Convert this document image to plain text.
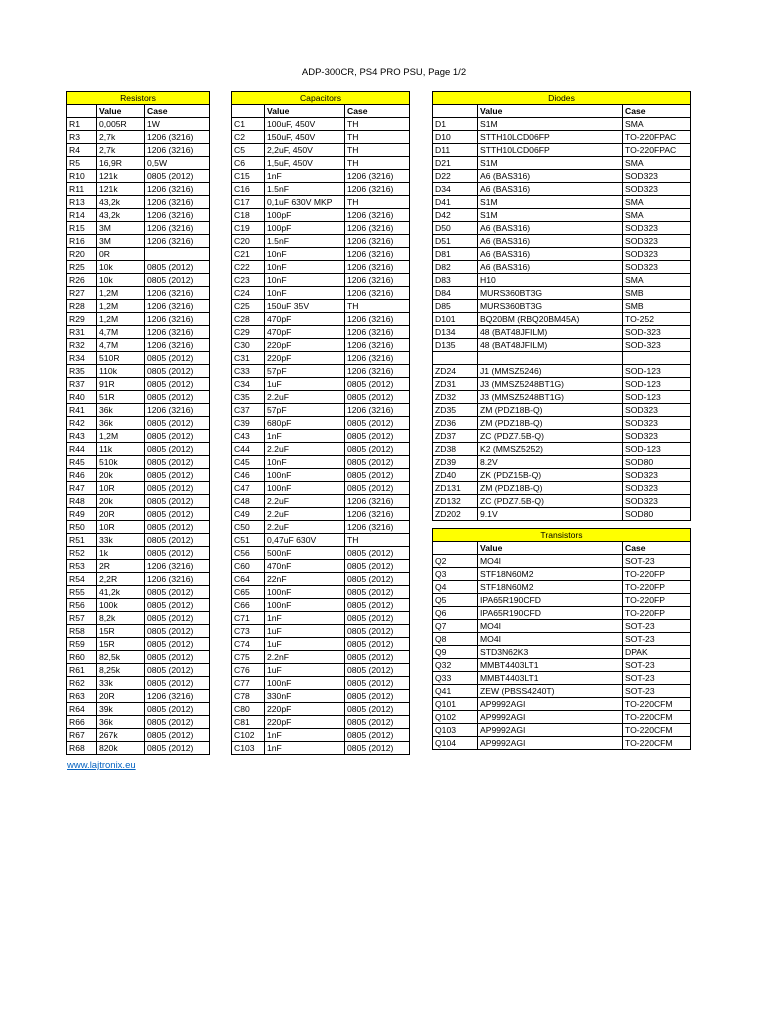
ADP-300CR, PS4 PRO PSU, Page 1/2
Resistors		
	Value	Case
R1	0,005R	1W
R3	2,7k	1206 (3216)
R4	2,7k	1206 (3216)
R5	16,9R	0,5W
R10	121k	0805 (2012)
R11	121k	1206 (3216)
R13	43,2k	1206 (3216)
R14	43,2k	1206 (3216)
R15	3M	1206 (3216)
R16	3M	1206 (3216)
R20	0R	
R25	10k	0805 (2012)
R26	10k	0805 (2012)
R27	1,2M	1206 (3216)
R28	1,2M	1206 (3216)
R29	1,2M	1206 (3216)
R31	4,7M	1206 (3216)
R32	4,7M	1206 (3216)
R34	510R	0805 (2012)
R35	110k	0805 (2012)
R37	91R	0805 (2012)
R40	51R	0805 (2012)
R41	36k	1206 (3216)
R42	36k	0805 (2012)
R43	1,2M	0805 (2012)
R44	11k	0805 (2012)
R45	510k	0805 (2012)
R46	20k	0805 (2012)
R47	10R	0805 (2012)
R48	20k	0805 (2012)
R49	20R	0805 (2012)
R50	10R	0805 (2012)
R51	33k	0805 (2012)
R52	1k	0805 (2012)
R53	2R	1206 (3216)
R54	2,2R	1206 (3216)
R55	41,2k	0805 (2012)
R56	100k	0805 (2012)
R57	8,2k	0805 (2012)
R58	15R	0805 (2012)
R59	15R	0805 (2012)
R60	82,5k	0805 (2012)
R61	8,25k	0805 (2012)
R62	33k	0805 (2012)
R63	20R	1206 (3216)
R64	39k	0805 (2012)
R66	36k	0805 (2012)
R67	267k	0805 (2012)
R68	820k	0805 (2012)
Capacitors		
	Value	Case
C1	100uF, 450V	TH
C2	150uF, 450V	TH
C5	2,2uF, 450V	TH
C6	1,5uF, 450V	TH
C15	1nF	1206 (3216)
C16	1.5nF	1206 (3216)
C17	0,1uF 630V MKP	TH
C18	100pF	1206 (3216)
C19	100pF	1206 (3216)
C20	1.5nF	1206 (3216)
C21	10nF	1206 (3216)
C22	10nF	1206 (3216)
C23	10nF	1206 (3216)
C24	10nF	1206 (3216)
C25	150uF 35V	TH
C28	470pF	1206 (3216)
C29	470pF	1206 (3216)
C30	220pF	1206 (3216)
C31	220pF	1206 (3216)
C33	57pF	1206 (3216)
C34	1uF	0805 (2012)
C35	2.2uF	0805 (2012)
C37	57pF	1206 (3216)
C39	680pF	0805 (2012)
C43	1nF	0805 (2012)
C44	2.2uF	0805 (2012)
C45	10nF	0805 (2012)
C46	100nF	0805 (2012)
C47	100nF	0805 (2012)
C48	2.2uF	1206 (3216)
C49	2.2uF	1206 (3216)
C50	2.2uF	1206 (3216)
C51	0,47uF 630V	TH
C56	500nF	0805 (2012)
C60	470nF	0805 (2012)
C64	22nF	0805 (2012)
C65	100nF	0805 (2012)
C66	100nF	0805 (2012)
C71	1nF	0805 (2012)
C73	1uF	0805 (2012)
C74	1uF	0805 (2012)
C75	2.2nF	0805 (2012)
C76	1uF	0805 (2012)
C77	100nF	0805 (2012)
C78	330nF	0805 (2012)
C80	220pF	0805 (2012)
C81	220pF	0805 (2012)
C102	1nF	0805 (2012)
C103	1nF	0805 (2012)
Diodes		
	Value	Case
D1	S1M	SMA
D10	STTH10LCD06FP	TO-220FPAC
D11	STTH10LCD06FP	TO-220FPAC
D21	S1M	SMA
D22	A6 (BAS316)	SOD323
D34	A6 (BAS316)	SOD323
D41	S1M	SMA
D42	S1M	SMA
D50	A6 (BAS316)	SOD323
D51	A6 (BAS316)	SOD323
D81	A6 (BAS316)	SOD323
D82	A6 (BAS316)	SOD323
D83	H10	SMA
D84	MURS360BT3G	SMB
D85	MURS360BT3G	SMB
D101	BQ20BM (RBQ20BM45A)	TO-252
D134	48 (BAT48JFILM)	SOD-323
D135	48 (BAT48JFILM)	SOD-323

ZD24	J1 (MMSZ5246)	SOD-123
ZD31	J3 (MMSZ5248BT1G)	SOD-123
ZD32	J3 (MMSZ5248BT1G)	SOD-123
ZD35	ZM (PDZ18B-Q)	SOD323
ZD36	ZM (PDZ18B-Q)	SOD323
ZD37	ZC (PDZ7.5B-Q)	SOD323
ZD38	K2 (MMSZ5252)	SOD-123
ZD39	8.2V	SOD80
ZD40	ZK (PDZ15B-Q)	SOD323
ZD131	ZM (PDZ18B-Q)	SOD323
ZD132	ZC (PDZ7.5B-Q)	SOD323
ZD202	9.1V	SOD80
Transistors		
	Value	Case
Q2	MO4I	SOT-23
Q3	STF18N60M2	TO-220FP
Q4	STF18N60M2	TO-220FP
Q5	IPA65R190CFD	TO-220FP
Q6	IPA65R190CFD	TO-220FP
Q7	MO4I	SOT-23
Q8	MO4I	SOT-23
Q9	STD3N62K3	DPAK
Q32	MMBT4403LT1	SOT-23
Q33	MMBT4403LT1	SOT-23
Q41	ZEW (PBSS4240T)	SOT-23
Q101	AP9992AGI	TO-220CFM
Q102	AP9992AGI	TO-220CFM
Q103	AP9992AGI	TO-220CFM
Q104	AP9992AGI	TO-220CFM
www.lajtronix.eu
